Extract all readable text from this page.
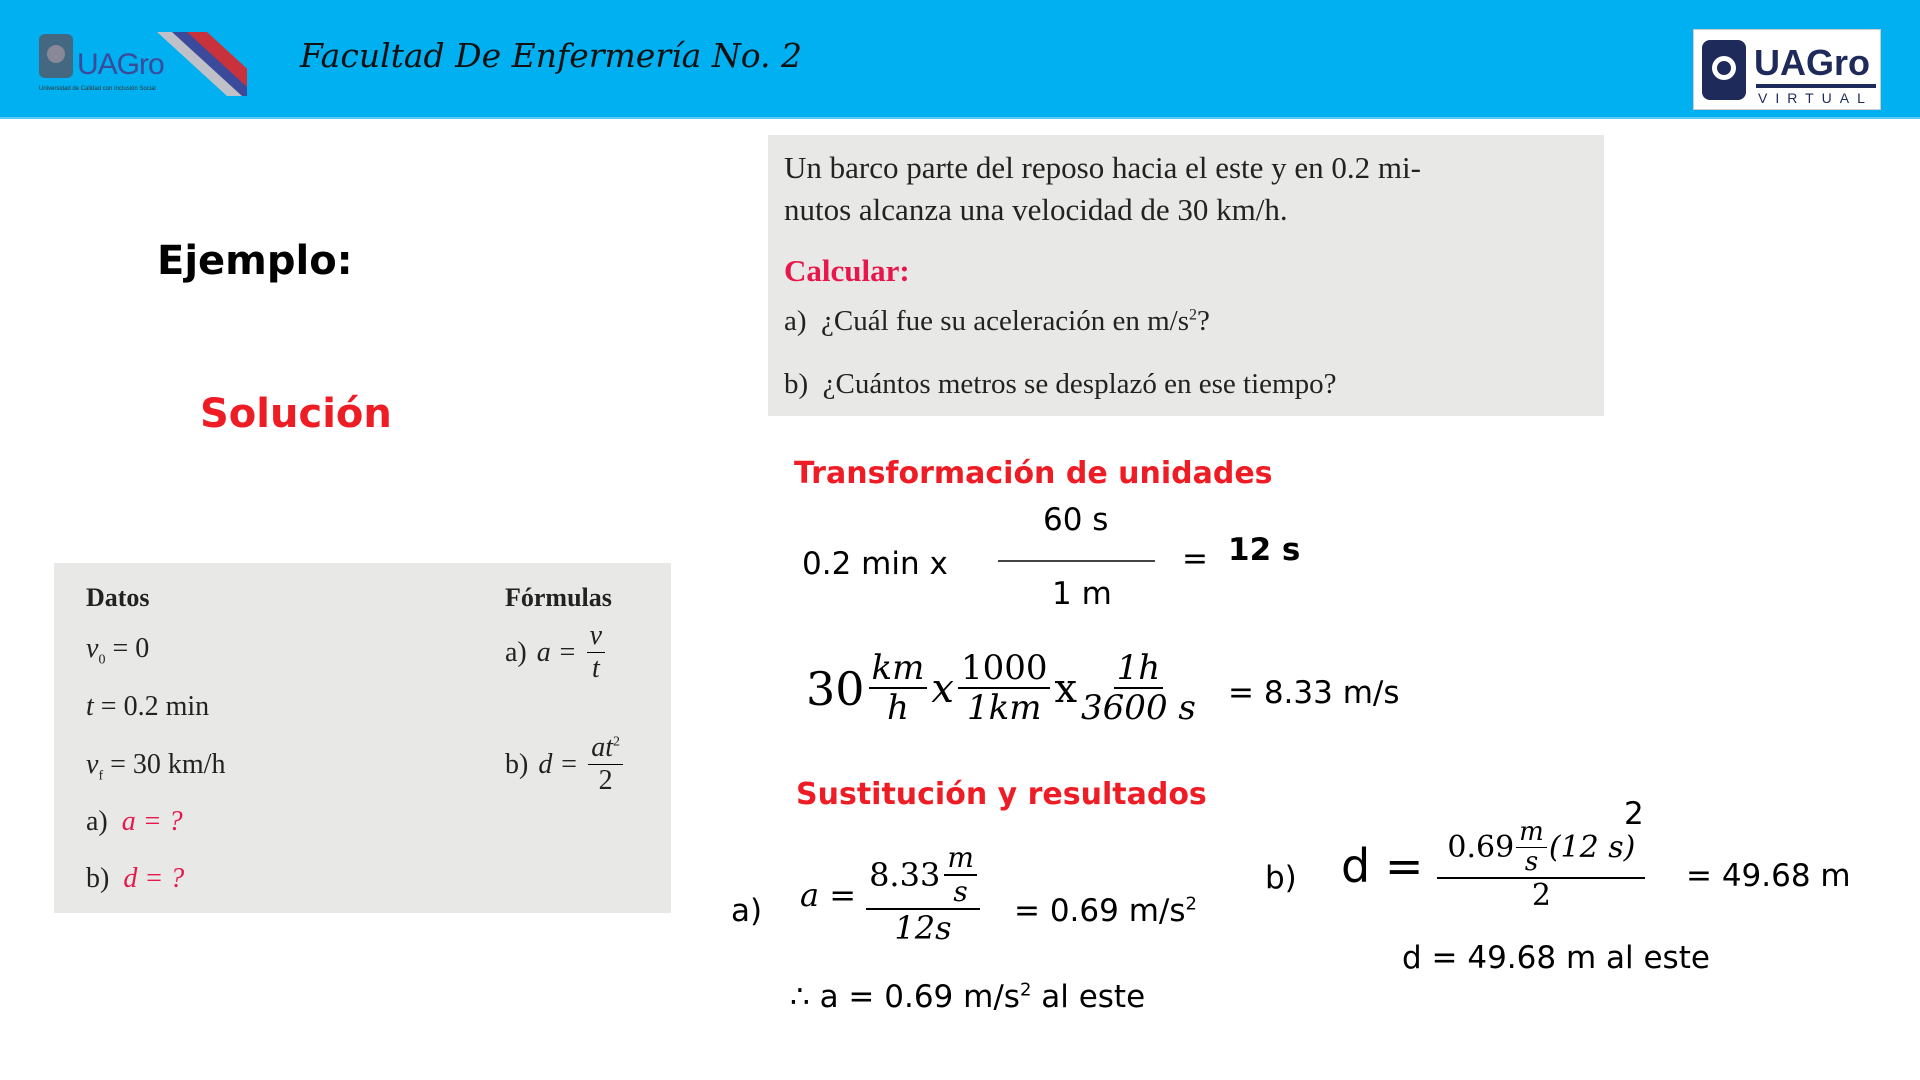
UAGro
Universidad de Calidad con Inclusión Social
Facultad De Enfermería No. 2	UAGro
VIRTUAL
Ejemplo:
Solución
Un barco parte del reposo hacia el este y en 0.2 mi-
nutos alcanza una velocidad de 30 km/h.
Calcular:
a) ¿Cuál fue su aceleración en $m/s^2$?
b) ¿Cuántos metros se desplazó en ese tiempo?
Datos	Fórmulas
$v_0 = 0$
t = 0.2 min
$v_f = 30$ km/h
a) a = ?
b) d = ?
a) $a = \frac{v}{t}$
b) $d = \frac{at^2}{2}$
Transformación de unidades
0.2 min x
60 s
1 m
= 12 s
$30 \frac{km}{h}$ x $\frac{1000}{1km}$ x $\frac{1h}{3600 s} = 8.33$ m/s
Sustitución y resultados
a) $a = \frac{8.33 \frac{m}{s}}{12s} = 0.69$ $m/s^2$
∴ a = 0.69 $m/s^2$ al este
b) $d = \frac{0.69 \frac{m}{s} (12 s)}{2}$
2
= 49.68 m
d = 49.68 m al este
